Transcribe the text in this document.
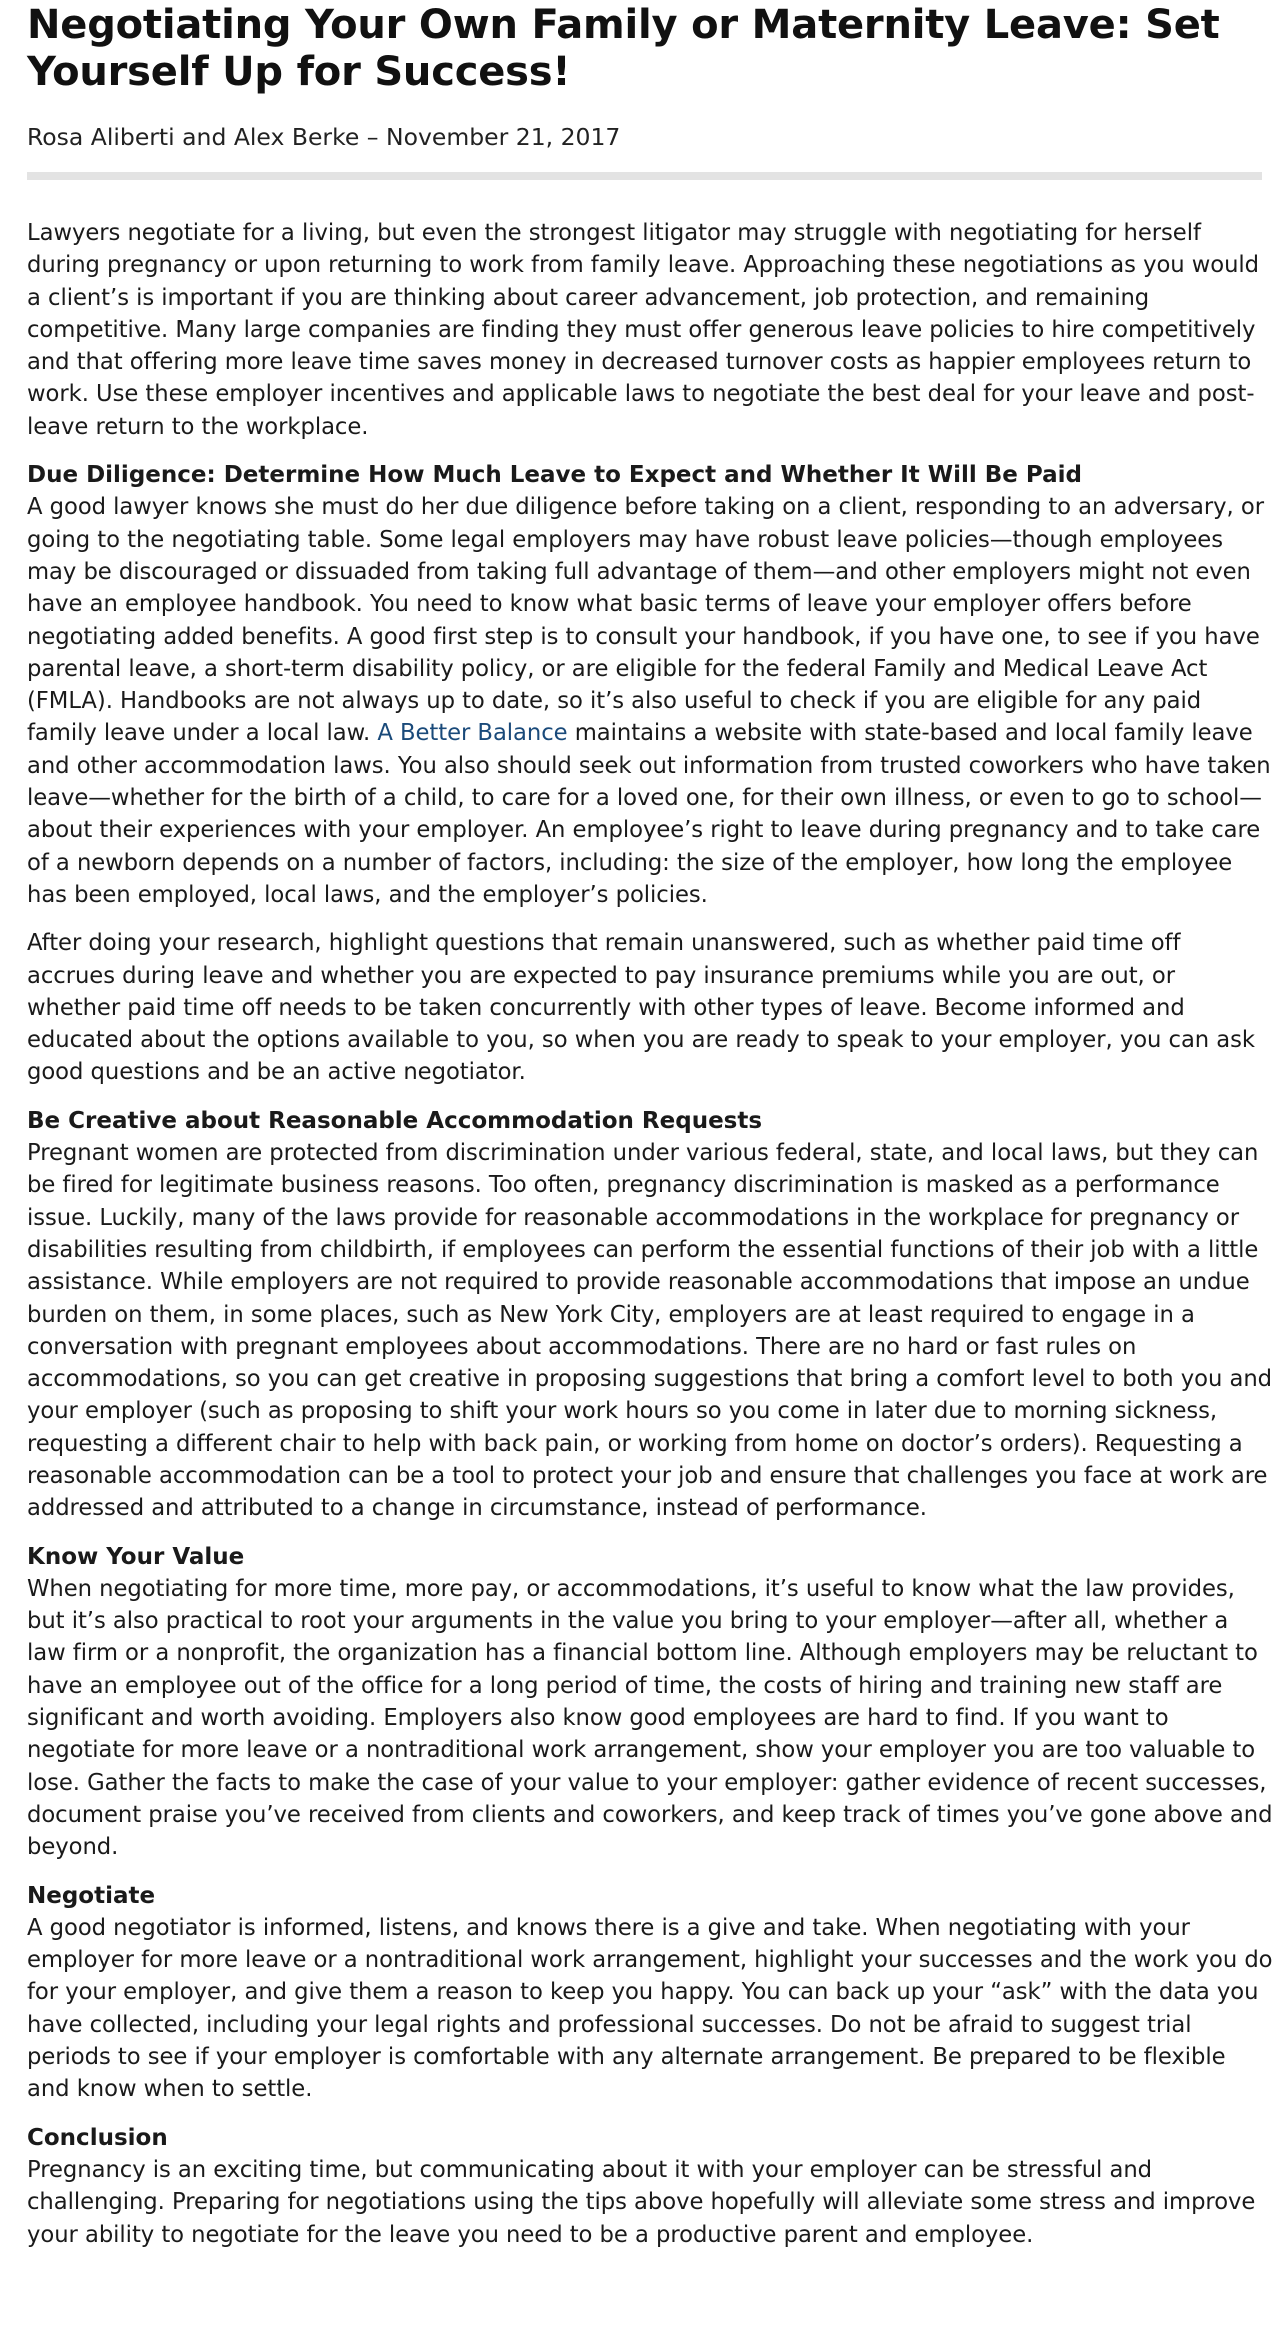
Negotiating Your Own Family or Maternity Leave: Set Yourself Up for Success!
Rosa Aliberti and Alex Berke – November 21, 2017

Lawyers negotiate for a living, but even the strongest litigator may struggle with negotiating for herself during pregnancy or upon returning to work from family leave. Approaching these negotiations as you would a client’s is important if you are thinking about career advancement, job protection, and remaining competitive. Many large companies are finding they must offer generous leave policies to hire competitively and that offering more leave time saves money in decreased turnover costs as happier employees return to work. Use these employer incentives and applicable laws to negotiate the best deal for your leave and post-leave return to the workplace.

Due Diligence: Determine How Much Leave to Expect and Whether It Will Be Paid

A good lawyer knows she must do her due diligence before taking on a client, responding to an adversary, or going to the negotiating table. Some legal employers may have robust leave policies—though employees may be discouraged or dissuaded from taking full advantage of them—and other employers might not even have an employee handbook. You need to know what basic terms of leave your employer offers before negotiating added benefits. A good first step is to consult your handbook, if you have one, to see if you have parental leave, a short-term disability policy, or are eligible for the federal Family and Medical Leave Act (FMLA). Handbooks are not always up to date, so it’s also useful to check if you are eligible for any paid family leave under a local law. A Better Balance maintains a website with state-based and local family leave and other accommodation laws. You also should seek out information from trusted coworkers who have taken leave—whether for the birth of a child, to care for a loved one, for their own illness, or even to go to school—about their experiences with your employer. An employee’s right to leave during pregnancy and to take care of a newborn depends on a number of factors, including: the size of the employer, how long the employee has been employed, local laws, and the employer’s policies.

After doing your research, highlight questions that remain unanswered, such as whether paid time off accrues during leave and whether you are expected to pay insurance premiums while you are out, or whether paid time off needs to be taken concurrently with other types of leave. Become informed and educated about the options available to you, so when you are ready to speak to your employer, you can ask good questions and be an active negotiator.

Be Creative about Reasonable Accommodation Requests

Pregnant women are protected from discrimination under various federal, state, and local laws, but they can be fired for legitimate business reasons. Too often, pregnancy discrimination is masked as a performance issue. Luckily, many of the laws provide for reasonable accommodations in the workplace for pregnancy or disabilities resulting from childbirth, if employees can perform the essential functions of their job with a little assistance. While employers are not required to provide reasonable accommodations that impose an undue burden on them, in some places, such as New York City, employers are at least required to engage in a conversation with pregnant employees about accommodations. There are no hard or fast rules on accommodations, so you can get creative in proposing suggestions that bring a comfort level to both you and your employer (such as proposing to shift your work hours so you come in later due to morning sickness, requesting a different chair to help with back pain, or working from home on doctor’s orders). Requesting a reasonable accommodation can be a tool to protect your job and ensure that challenges you face at work are addressed and attributed to a change in circumstance, instead of performance.

Know Your Value

When negotiating for more time, more pay, or accommodations, it’s useful to know what the law provides, but it’s also practical to root your arguments in the value you bring to your employer—after all, whether a law firm or a nonprofit, the organization has a financial bottom line. Although employers may be reluctant to have an employee out of the office for a long period of time, the costs of hiring and training new staff are significant and worth avoiding. Employers also know good employees are hard to find. If you want to negotiate for more leave or a nontraditional work arrangement, show your employer you are too valuable to lose. Gather the facts to make the case of your value to your employer: gather evidence of recent successes, document praise you’ve received from clients and coworkers, and keep track of times you’ve gone above and beyond.

Negotiate

A good negotiator is informed, listens, and knows there is a give and take. When negotiating with your employer for more leave or a nontraditional work arrangement, highlight your successes and the work you do for your employer, and give them a reason to keep you happy. You can back up your “ask” with the data you have collected, including your legal rights and professional successes. Do not be afraid to suggest trial periods to see if your employer is comfortable with any alternate arrangement. Be prepared to be flexible and know when to settle.

Conclusion

Pregnancy is an exciting time, but communicating about it with your employer can be stressful and challenging. Preparing for negotiations using the tips above hopefully will alleviate some stress and improve your ability to negotiate for the leave you need to be a productive parent and employee.
